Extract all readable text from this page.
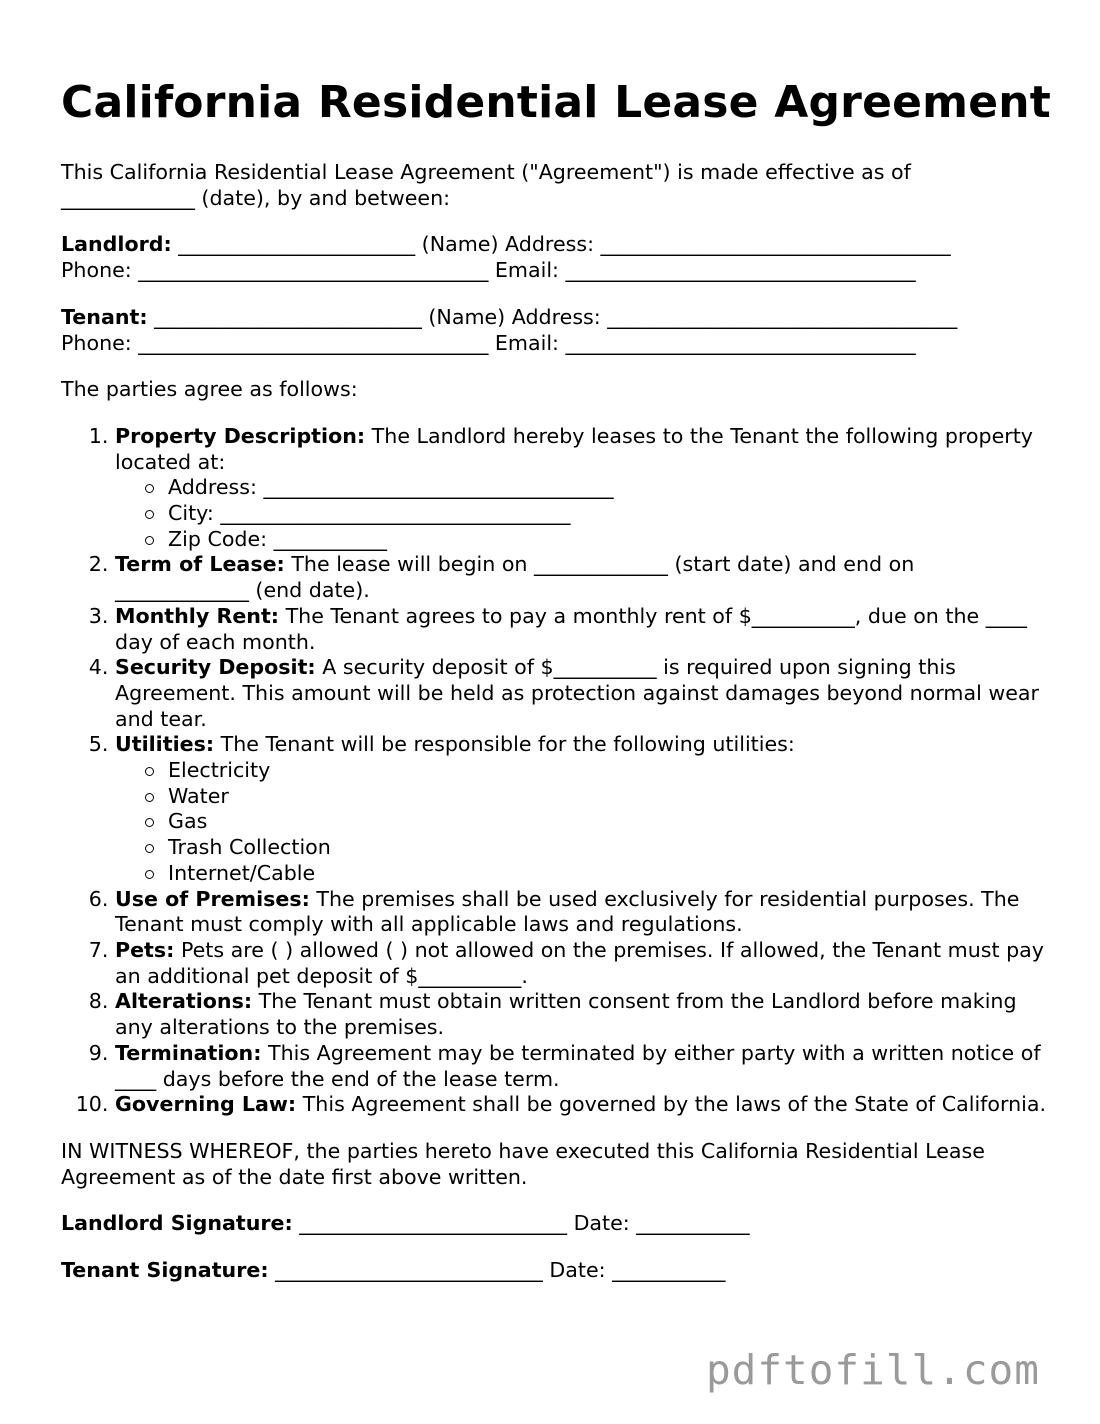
California Residential Lease Agreement

This California Residential Lease Agreement ("Agreement") is made effective as of _____________ (date), by and between:

Landlord: _______________________ (Name) Address: __________________________________
Phone: __________________________________ Email: __________________________________
Tenant: __________________________ (Name) Address: __________________________________
Phone: __________________________________ Email: __________________________________

The parties agree as follows:

1. Property Description: The Landlord hereby leases to the Tenant the following property located at:
Address: __________________________________
City: __________________________________
Zip Code: ___________
2. Term of Lease: The lease will begin on _____________ (start date) and end on _____________ (end date).
3. Monthly Rent: The Tenant agrees to pay a monthly rent of $__________, due on the ____ day of each month.
4. Security Deposit: A security deposit of $__________ is required upon signing this Agreement. This amount will be held as protection against damages beyond normal wear and tear.
5. Utilities: The Tenant will be responsible for the following utilities:
Electricity
Water
Gas
Trash Collection
Internet/Cable
6. Use of Premises: The premises shall be used exclusively for residential purposes. The Tenant must comply with all applicable laws and regulations.
7. Pets: Pets are ( ) allowed ( ) not allowed on the premises. If allowed, the Tenant must pay an additional pet deposit of $__________.
8. Alterations: The Tenant must obtain written consent from the Landlord before making any alterations to the premises.
9. Termination: This Agreement may be terminated by either party with a written notice of ____ days before the end of the lease term.
10. Governing Law: This Agreement shall be governed by the laws of the State of California.

IN WITNESS WHEREOF, the parties hereto have executed this California Residential Lease Agreement as of the date first above written.

Landlord Signature: __________________________ Date: ___________

Tenant Signature: __________________________ Date: ___________

pdftofill.com
